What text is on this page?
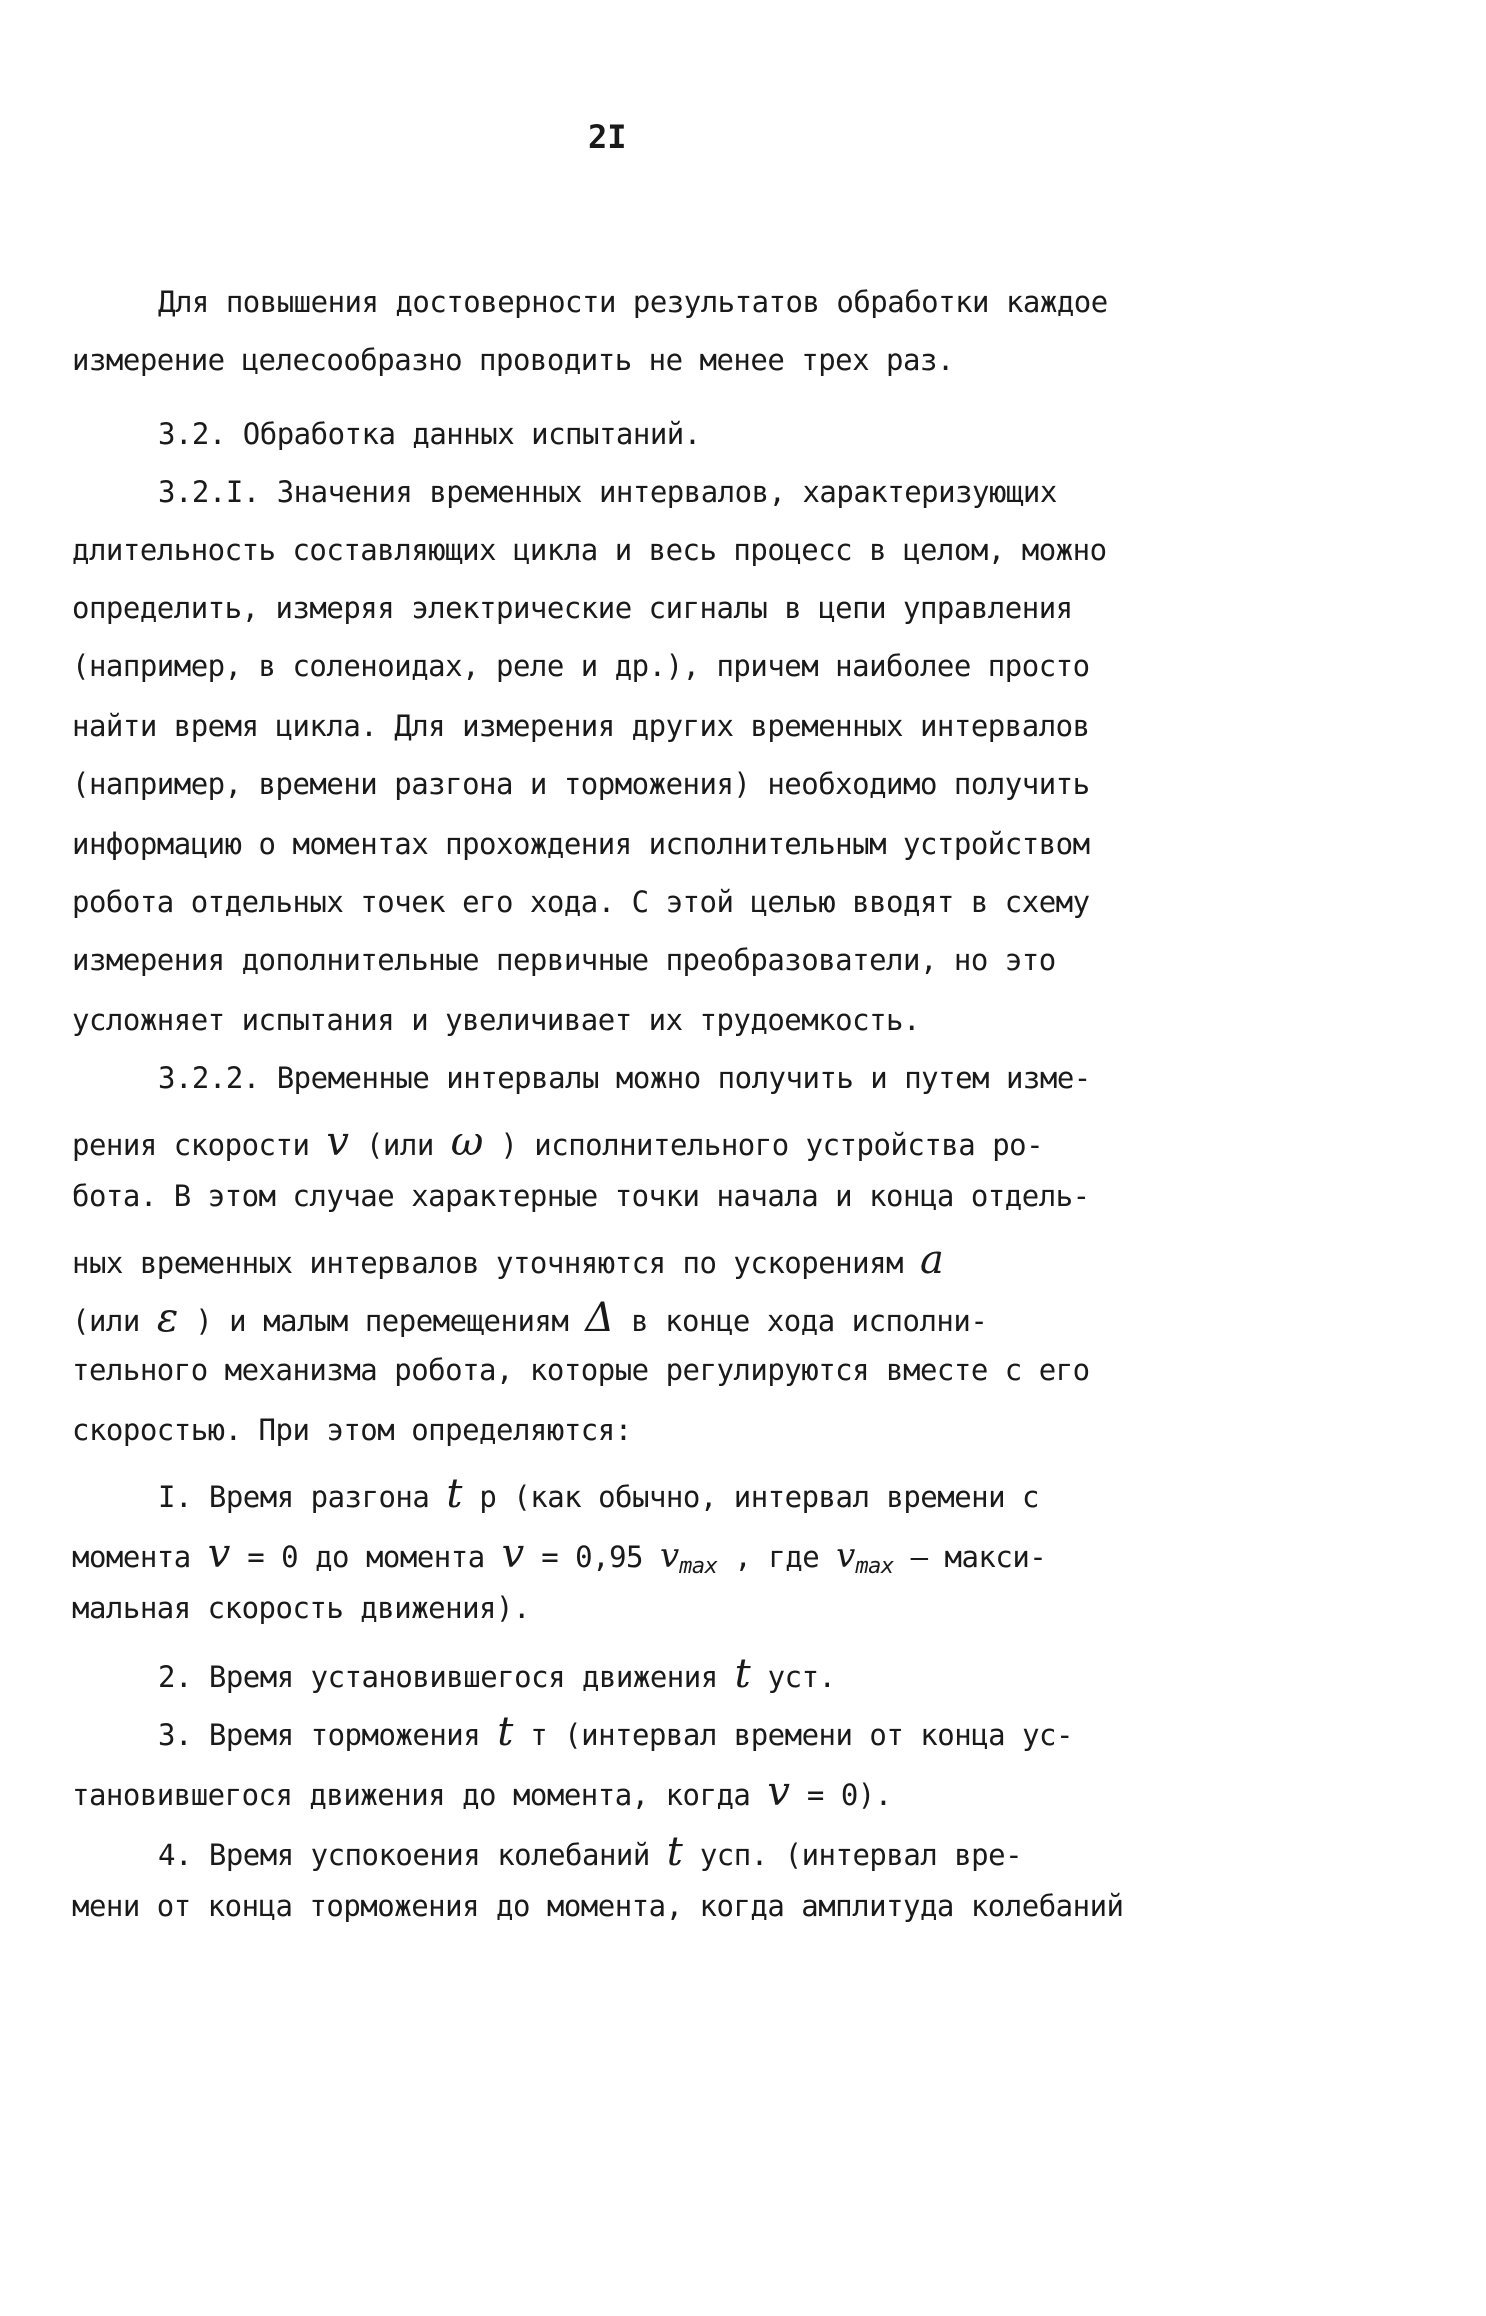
2I
Для повышения достоверности результатов обработки каждое
измерение целесообразно проводить не менее трех раз.
3.2. Обработка данных испытаний.
3.2.I. Значения временных интервалов, характеризующих
длительность составляющих цикла и весь процесс в целом, можно
определить, измеряя электрические сигналы в цепи управления
(например, в соленоидах, реле и др.), причем наиболее просто
найти время цикла. Для измерения других временных интервалов
(например, времени разгона и торможения) необходимо получить
информацию о моментах прохождения исполнительным устройством
робота отдельных точек его хода. С этой целью вводят в схему
измерения дополнительные первичные преобразователи, но это
усложняет испытания и увеличивает их трудоемкость.
3.2.2. Временные интервалы можно получить и путем изме-
рения скорости v (или ω ) исполнительного устройства ро-
бота. В этом случае характерные точки начала и конца отдель-
ных временных интервалов уточняются по ускорениям a
(или ε ) и малым перемещениям Δ в конце хода исполни-
тельного механизма робота, которые регулируются вместе с его
скоростью. При этом определяются:
I. Время разгона t р (как обычно, интервал времени с
момента v = 0 до момента v = 0,95 $v_{max}$ , где $v_{max}$ – макси-
мальная скорость движения).
2. Время установившегося движения t уст.
3. Время торможения t т (интервал времени от конца ус-
тановившегося движения до момента, когда v = 0).
4. Время успокоения колебаний t усп. (интервал вре-
мени от конца торможения до момента, когда амплитуда колебаний
